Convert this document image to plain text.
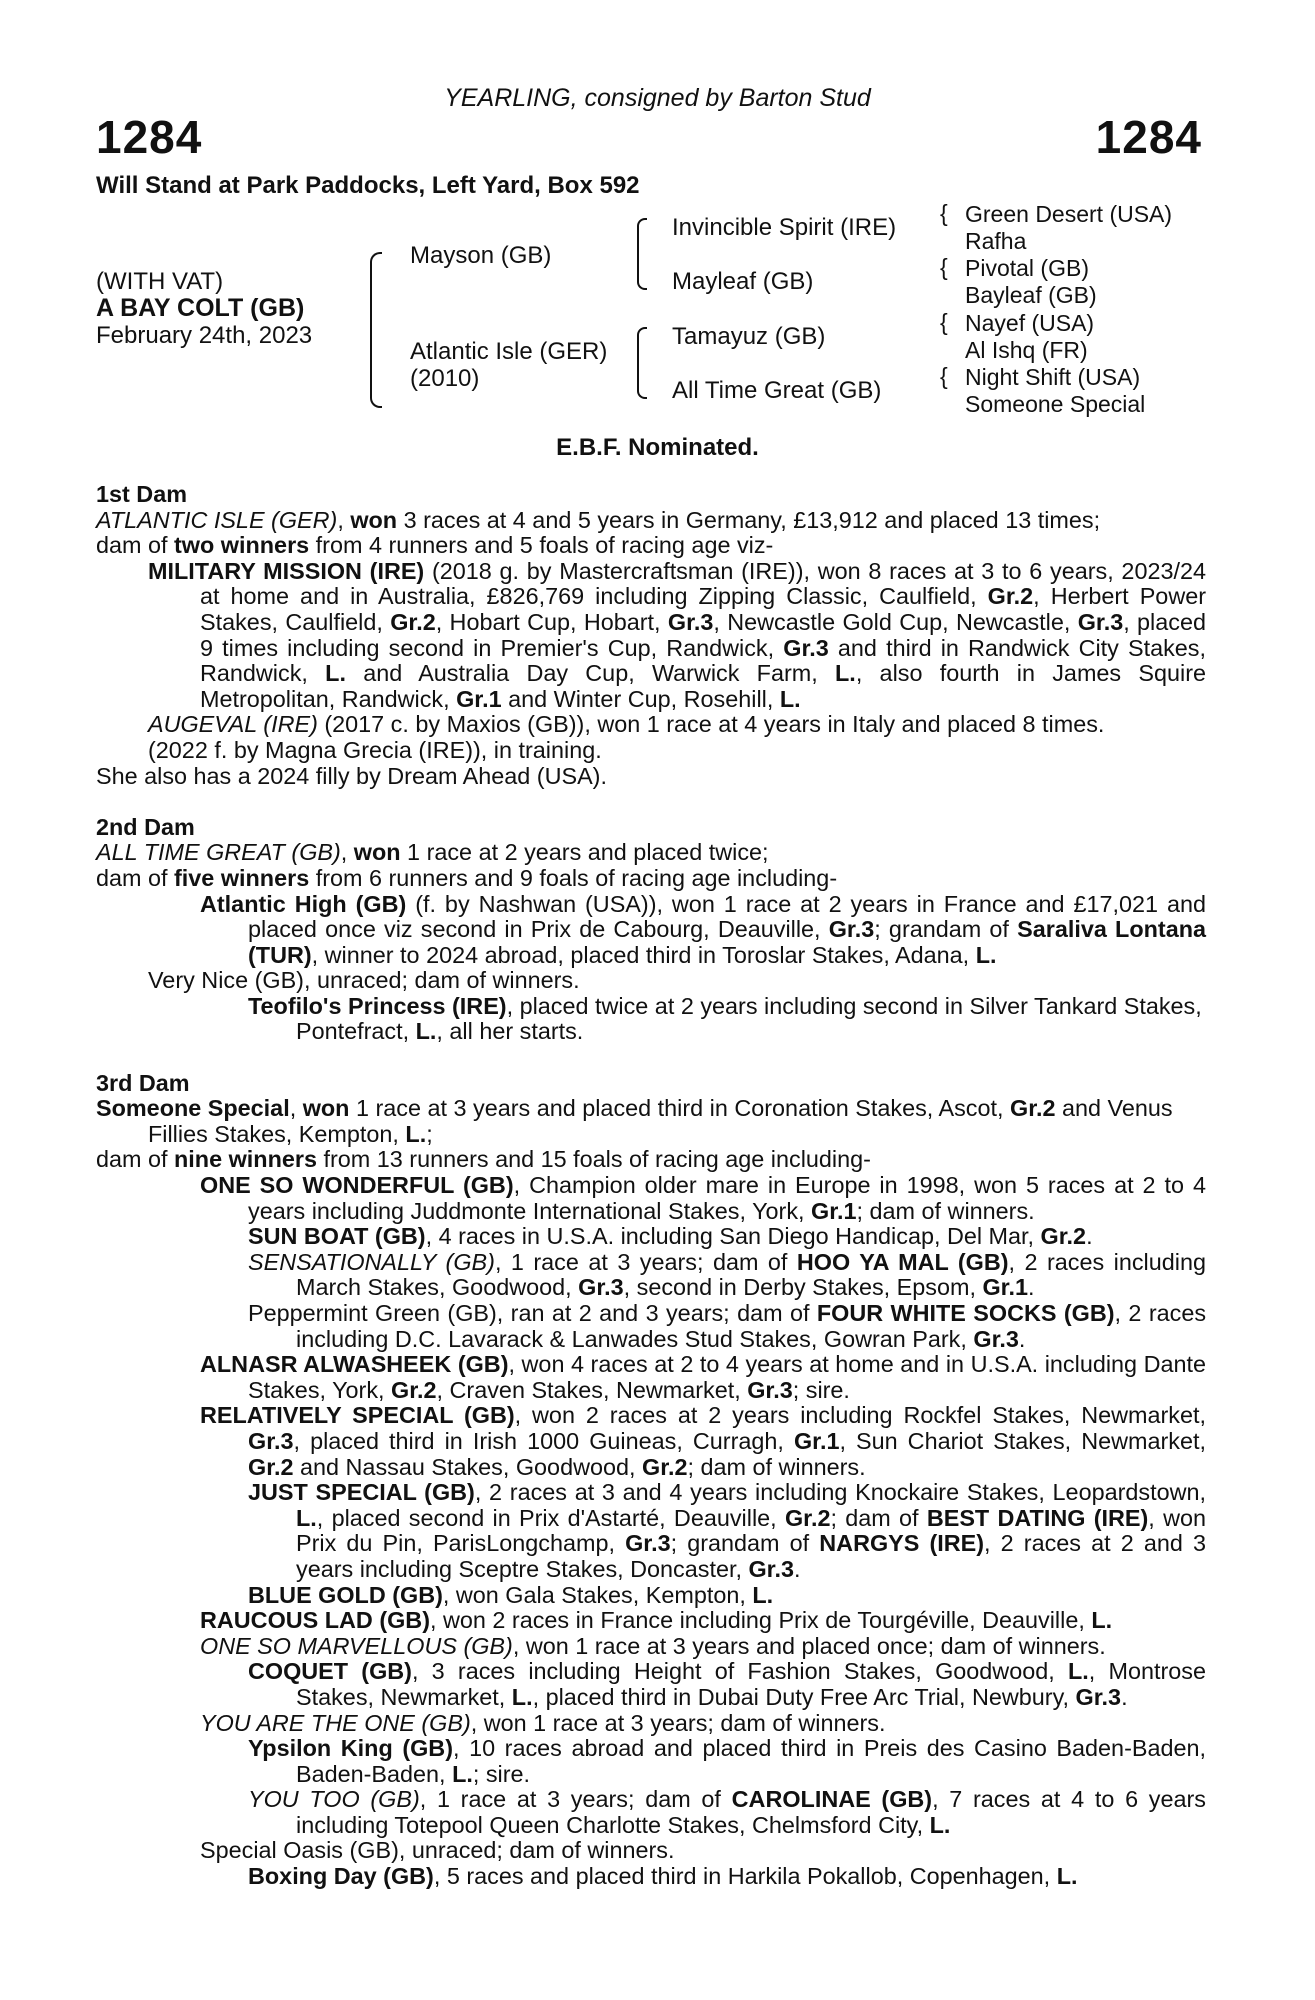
YEARLING, consigned by Barton Stud
1284	1284
Will Stand at Park Paddocks, Left Yard, Box 592
(WITH VAT)
A BAY COLT (GB)
February 24th, 2023
Mayson (GB)
Atlantic Isle (GER)
(2010)
Invincible Spirit (IRE)
Mayleaf (GB)
Tamayuz (GB)
All Time Great (GB)
{
{
{
{
Green Desert (USA)
Rafha
Pivotal (GB)
Bayleaf (GB)
Nayef (USA)
Al Ishq (FR)
Night Shift (USA)
Someone Special
E.B.F. Nominated.

1st Dam

ATLANTIC ISLE (GER), won 3 races at 4 and 5 years in Germany, £13,912 and placed 13 times;

dam of two winners from 4 runners and 5 foals of racing age viz-

MILITARY MISSION (IRE) (2018 g. by Mastercraftsman (IRE)), won 8 races at 3 to 6 years, 2023/24 at home and in Australia, £826,769 including Zipping Classic, Caulfield, Gr.2, Herbert Power Stakes, Caulfield, Gr.2, Hobart Cup, Hobart, Gr.3, Newcastle Gold Cup, Newcastle, Gr.3, placed 9 times including second in Premier's Cup, Randwick, Gr.3 and third in Randwick City Stakes, Randwick, L. and Australia Day Cup, Warwick Farm, L., also fourth in James Squire Metropolitan, Randwick, Gr.1 and Winter Cup, Rosehill, L.

AUGEVAL (IRE) (2017 c. by Maxios (GB)), won 1 race at 4 years in Italy and placed 8 times.

(2022 f. by Magna Grecia (IRE)), in training.

She also has a 2024 filly by Dream Ahead (USA).

2nd Dam

ALL TIME GREAT (GB), won 1 race at 2 years and placed twice;

dam of five winners from 6 runners and 9 foals of racing age including-

Atlantic High (GB) (f. by Nashwan (USA)), won 1 race at 2 years in France and £17,021 and placed once viz second in Prix de Cabourg, Deauville, Gr.3; grandam of Saraliva Lontana (TUR), winner to 2024 abroad, placed third in Toroslar Stakes, Adana, L.

Very Nice (GB), unraced; dam of winners.

Teofilo's Princess (IRE), placed twice at 2 years including second in Silver Tankard Stakes, Pontefract, L., all her starts.

3rd Dam

Someone Special, won 1 race at 3 years and placed third in Coronation Stakes, Ascot, Gr.2 and Venus Fillies Stakes, Kempton, L.;

dam of nine winners from 13 runners and 15 foals of racing age including-

ONE SO WONDERFUL (GB), Champion older mare in Europe in 1998, won 5 races at 2 to 4 years including Juddmonte International Stakes, York, Gr.1; dam of winners.

SUN BOAT (GB), 4 races in U.S.A. including San Diego Handicap, Del Mar, Gr.2.

SENSATIONALLY (GB), 1 race at 3 years; dam of HOO YA MAL (GB), 2 races including March Stakes, Goodwood, Gr.3, second in Derby Stakes, Epsom, Gr.1.

Peppermint Green (GB), ran at 2 and 3 years; dam of FOUR WHITE SOCKS (GB), 2 races including D.C. Lavarack & Lanwades Stud Stakes, Gowran Park, Gr.3.

ALNASR ALWASHEEK (GB), won 4 races at 2 to 4 years at home and in U.S.A. including Dante Stakes, York, Gr.2, Craven Stakes, Newmarket, Gr.3; sire.

RELATIVELY SPECIAL (GB), won 2 races at 2 years including Rockfel Stakes, Newmarket, Gr.3, placed third in Irish 1000 Guineas, Curragh, Gr.1, Sun Chariot Stakes, Newmarket, Gr.2 and Nassau Stakes, Goodwood, Gr.2; dam of winners.

JUST SPECIAL (GB), 2 races at 3 and 4 years including Knockaire Stakes, Leopardstown, L., placed second in Prix d'Astarté, Deauville, Gr.2; dam of BEST DATING (IRE), won Prix du Pin, ParisLongchamp, Gr.3; grandam of NARGYS (IRE), 2 races at 2 and 3 years including Sceptre Stakes, Doncaster, Gr.3.

BLUE GOLD (GB), won Gala Stakes, Kempton, L.

RAUCOUS LAD (GB), won 2 races in France including Prix de Tourgéville, Deauville, L.

ONE SO MARVELLOUS (GB), won 1 race at 3 years and placed once; dam of winners.

COQUET (GB), 3 races including Height of Fashion Stakes, Goodwood, L., Montrose Stakes, Newmarket, L., placed third in Dubai Duty Free Arc Trial, Newbury, Gr.3.

YOU ARE THE ONE (GB), won 1 race at 3 years; dam of winners.

Ypsilon King (GB), 10 races abroad and placed third in Preis des Casino Baden-Baden, Baden-Baden, L.; sire.

YOU TOO (GB), 1 race at 3 years; dam of CAROLINAE (GB), 7 races at 4 to 6 years including Totepool Queen Charlotte Stakes, Chelmsford City, L.

Special Oasis (GB), unraced; dam of winners.

Boxing Day (GB), 5 races and placed third in Harkila Pokallob, Copenhagen, L.
